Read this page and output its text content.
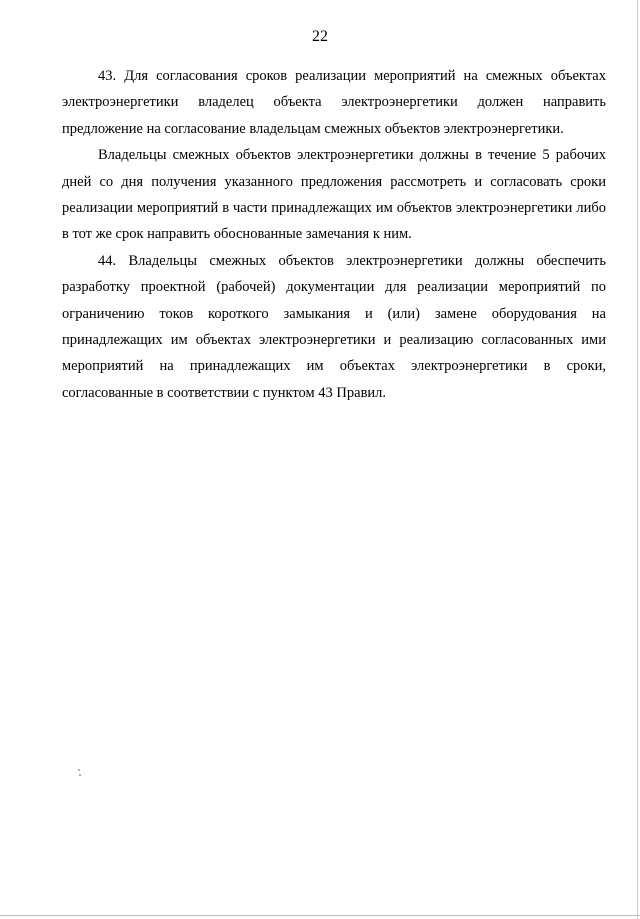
22

43. Для согласования сроков реализации мероприятий на смежных объектах электроэнергетики владелец объекта электроэнергетики должен направить предложение на согласование владельцам смежных объектов электроэнергетики.

Владельцы смежных объектов электроэнергетики должны в течение 5 рабочих дней со дня получения указанного предложения рассмотреть и согласовать сроки реализации мероприятий в части принадлежащих им объектов электроэнергетики либо в тот же срок направить обоснованные замечания к ним.

44. Владельцы смежных объектов электроэнергетики должны обеспечить разработку проектной (рабочей) документации для реализации мероприятий по ограничению токов короткого замыкания и (или) замене оборудования на принадлежащих им объектах электроэнергетики и реализацию согласованных ими мероприятий на принадлежащих им объектах электроэнергетики в сроки, согласованные в соответствии с пунктом 43 Правил.
